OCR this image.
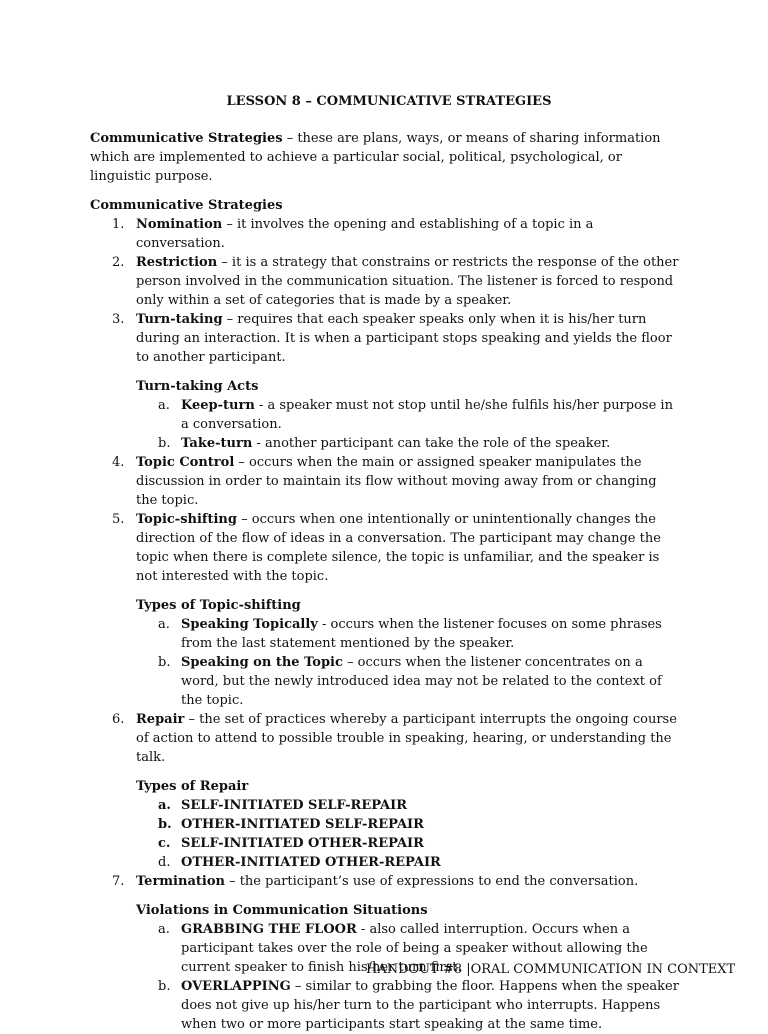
LESSON 8 – COMMUNICATIVE STRATEGIES

Communicative Strategies – these are plans, ways, or means of sharing information which are implemented to achieve a particular social, political, psychological, or linguistic purpose.

Communicative Strategies

1. Nomination – it involves the opening and establishing of a topic in a conversation.
2. Restriction – it is a strategy that constrains or restricts the response of the other person involved in the communication situation. The listener is forced to respond only within a set of categories that is made by a speaker.
3. Turn-taking – requires that each speaker speaks only when it is his/her turn during an interaction. It is when a participant stops speaking and yields the floor to another participant.

Turn-taking Acts

a. Keep-turn - a speaker must not stop until he/she fulfils his/her purpose in a conversation.
b. Take-turn - another participant can take the role of the speaker.
4. Topic Control – occurs when the main or assigned speaker manipulates the discussion in order to maintain its flow without moving away from or changing the topic.
5. Topic-shifting – occurs when one intentionally or unintentionally changes the direction of the flow of ideas in a conversation. The participant may change the topic when there is complete silence, the topic is unfamiliar, and the speaker is not interested with the topic.

Types of Topic-shifting

a. Speaking Topically - occurs when the listener focuses on some phrases from the last statement mentioned by the speaker.
b. Speaking on the Topic – occurs when the listener concentrates on a word, but the newly introduced idea may not be related to the context of the topic.
6. Repair – the set of practices whereby a participant interrupts the ongoing course of action to attend to possible trouble in speaking, hearing, or understanding the talk.

Types of Repair

a. SELF-INITIATED SELF-REPAIR
b. OTHER-INITIATED SELF-REPAIR
c. SELF-INITIATED OTHER-REPAIR
d. OTHER-INITIATED OTHER-REPAIR
7. Termination – the participant’s use of expressions to end the conversation.

Violations in Communication Situations

a. GRABBING THE FLOOR - also called interruption. Occurs when a participant takes over the role of being a speaker without allowing the current speaker to finish his/her turn first.
b. OVERLAPPING – similar to grabbing the floor. Happens when the speaker does not give up his/her turn to the participant who interrupts. Happens when two or more participants start speaking at the same time.
HANDOUT #8 |ORAL COMMUNICATION IN CONTEXT
